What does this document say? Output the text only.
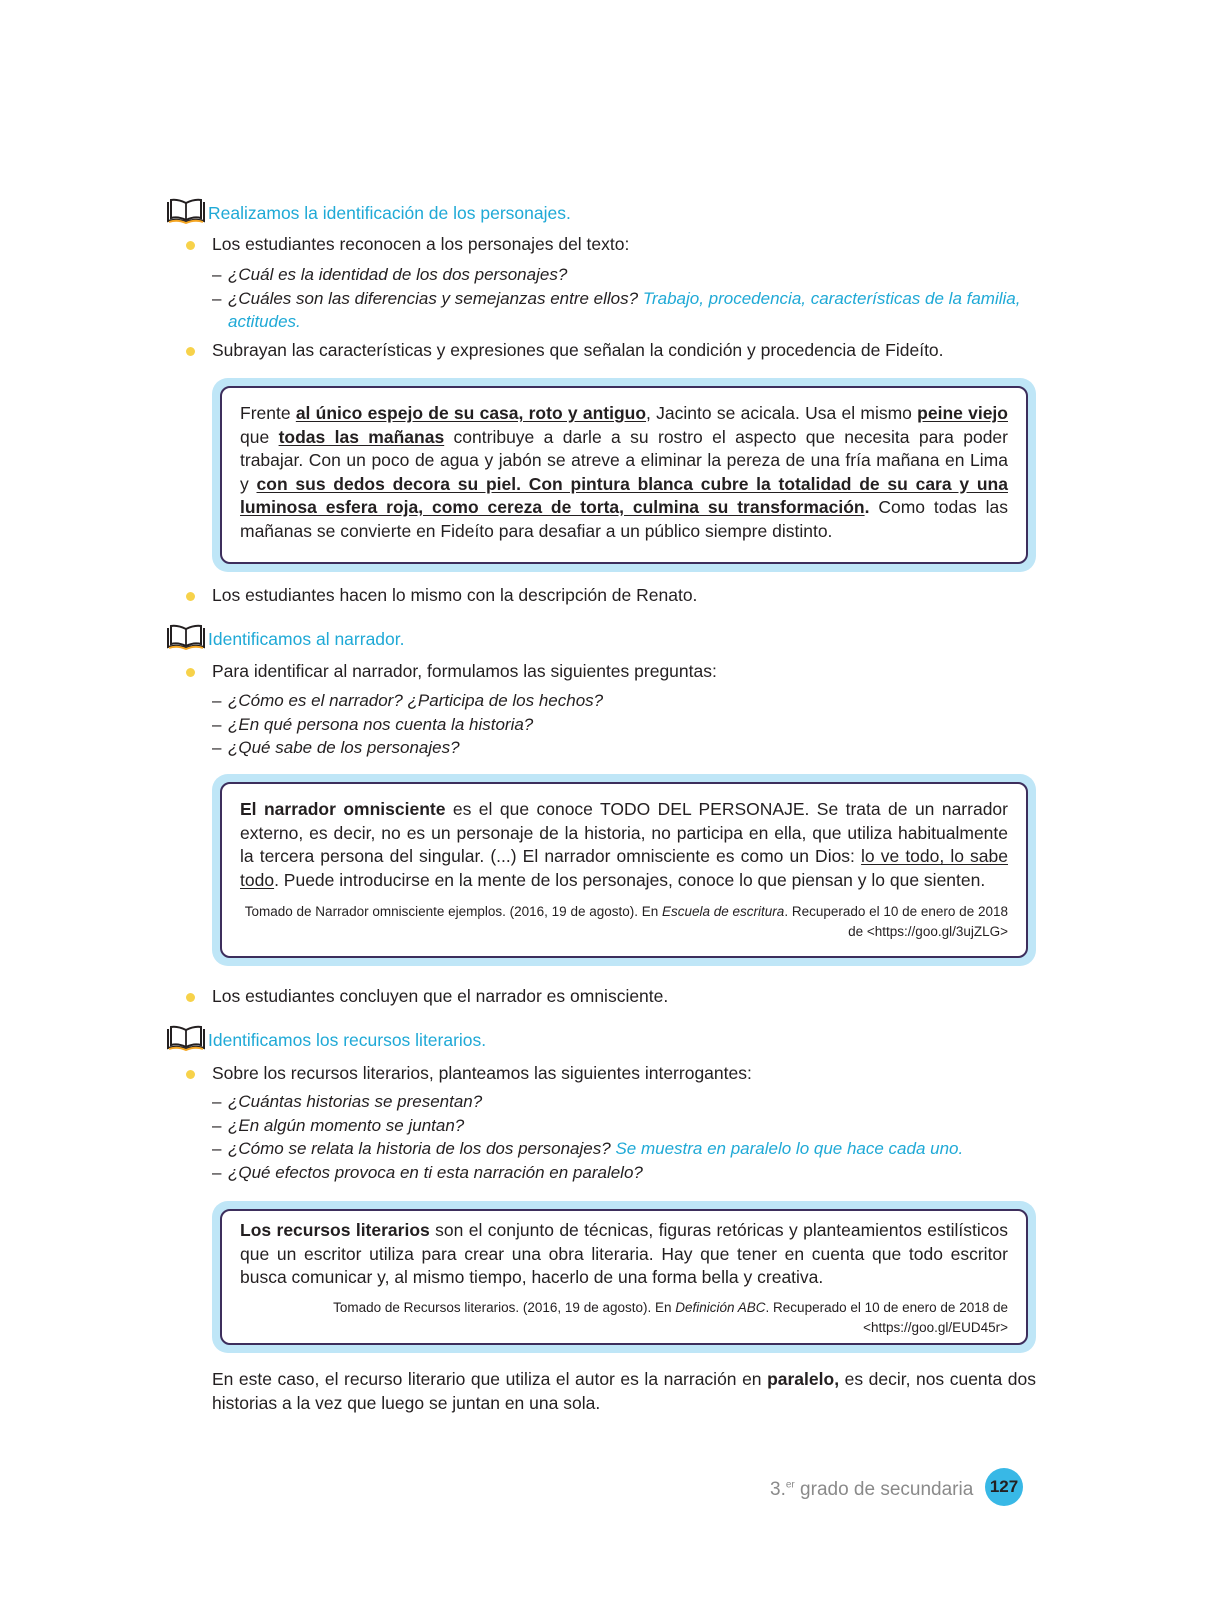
Realizamos la identificación de los personajes.
Los estudiantes reconocen a los personajes del texto:
– ¿Cuál es la identidad de los dos personajes?
– ¿Cuáles son las diferencias y semejanzas entre ellos? Trabajo, procedencia, características de la familia, actitudes.
Subrayan las características y expresiones que señalan la condición y procedencia de Fideíto.

Frente al único espejo de su casa, roto y antiguo, Jacinto se acicala. Usa el mismo peine viejo que todas las mañanas contribuye a darle a su rostro el aspecto que necesita para poder trabajar. Con un poco de agua y jabón se atreve a eliminar la pereza de una fría mañana en Lima y con sus dedos decora su piel. Con pintura blanca cubre la totalidad de su cara y una luminosa esfera roja, como cereza de torta, culmina su transformación. Como todas las mañanas se convierte en Fideíto para desafiar a un público siempre distinto.

Los estudiantes hacen lo mismo con la descripción de Renato.
Identificamos al narrador.
Para identificar al narrador, formulamos las siguientes preguntas:
– ¿Cómo es el narrador? ¿Participa de los hechos?
– ¿En qué persona nos cuenta la historia?
– ¿Qué sabe de los personajes?

El narrador omnisciente es el que conoce TODO DEL PERSONAJE. Se trata de un narrador externo, es decir, no es un personaje de la historia, no participa en ella, que utiliza habitualmente la tercera persona del singular. (...) El narrador omnisciente es como un Dios: lo ve todo, lo sabe todo. Puede introducirse en la mente de los personajes, conoce lo que piensan y lo que sienten.

Tomado de Narrador omnisciente ejemplos. (2016, 19 de agosto). En Escuela de escritura. Recuperado el 10 de enero de 2018 de <https://goo.gl/3ujZLG>

Los estudiantes concluyen que el narrador es omnisciente.
Identificamos los recursos literarios.
Sobre los recursos literarios, planteamos las siguientes interrogantes:
– ¿Cuántas historias se presentan?
– ¿En algún momento se juntan?
– ¿Cómo se relata la historia de los dos personajes? Se muestra en paralelo lo que hace cada uno.
– ¿Qué efectos provoca en ti esta narración en paralelo?

Los recursos literarios son el conjunto de técnicas, figuras retóricas y planteamientos estilísticos que un escritor utiliza para crear una obra literaria. Hay que tener en cuenta que todo escritor busca comunicar y, al mismo tiempo, hacerlo de una forma bella y creativa.

Tomado de Recursos literarios. (2016, 19 de agosto). En Definición ABC. Recuperado el 10 de enero de 2018 de <https://goo.gl/EUD45r>

En este caso, el recurso literario que utiliza el autor es la narración en paralelo, es decir, nos cuenta dos historias a la vez que luego se juntan en una sola.
3.$^{er}$ grado de secundaria 127
